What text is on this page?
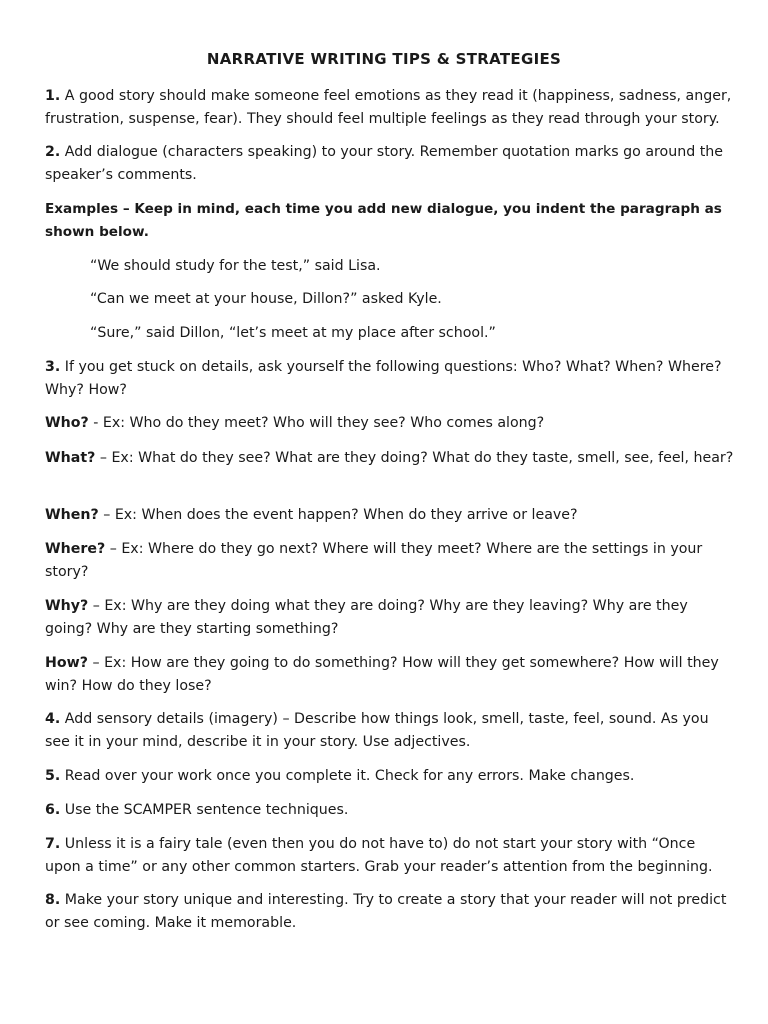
NARRATIVE WRITING TIPS & STRATEGIES

1. A good story should make someone feel emotions as they read it (happiness, sadness, anger, frustration, suspense, fear). They should feel multiple feelings as they read through your story.

2. Add dialogue (characters speaking) to your story. Remember quotation marks go around the speaker’s comments.

Examples – Keep in mind, each time you add new dialogue, you indent the paragraph as shown below.

“We should study for the test,” said Lisa.

“Can we meet at your house, Dillon?” asked Kyle.

“Sure,” said Dillon, “let’s meet at my place after school.”

3. If you get stuck on details, ask yourself the following questions: Who? What? When? Where? Why? How?

Who? - Ex: Who do they meet? Who will they see? Who comes along?

What? – Ex: What do they see? What are they doing? What do they taste, smell, see, feel, hear?

When? – Ex: When does the event happen? When do they arrive or leave?

Where? – Ex: Where do they go next? Where will they meet? Where are the settings in your story?

Why? – Ex: Why are they doing what they are doing? Why are they leaving? Why are they going? Why are they starting something?

How? – Ex: How are they going to do something? How will they get somewhere? How will they win? How do they lose?

4. Add sensory details (imagery) – Describe how things look, smell, taste, feel, sound. As you see it in your mind, describe it in your story. Use adjectives.

5. Read over your work once you complete it. Check for any errors. Make changes.

6. Use the SCAMPER sentence techniques.

7. Unless it is a fairy tale (even then you do not have to) do not start your story with “Once upon a time” or any other common starters. Grab your reader’s attention from the beginning.

8. Make your story unique and interesting. Try to create a story that your reader will not predict or see coming. Make it memorable.
